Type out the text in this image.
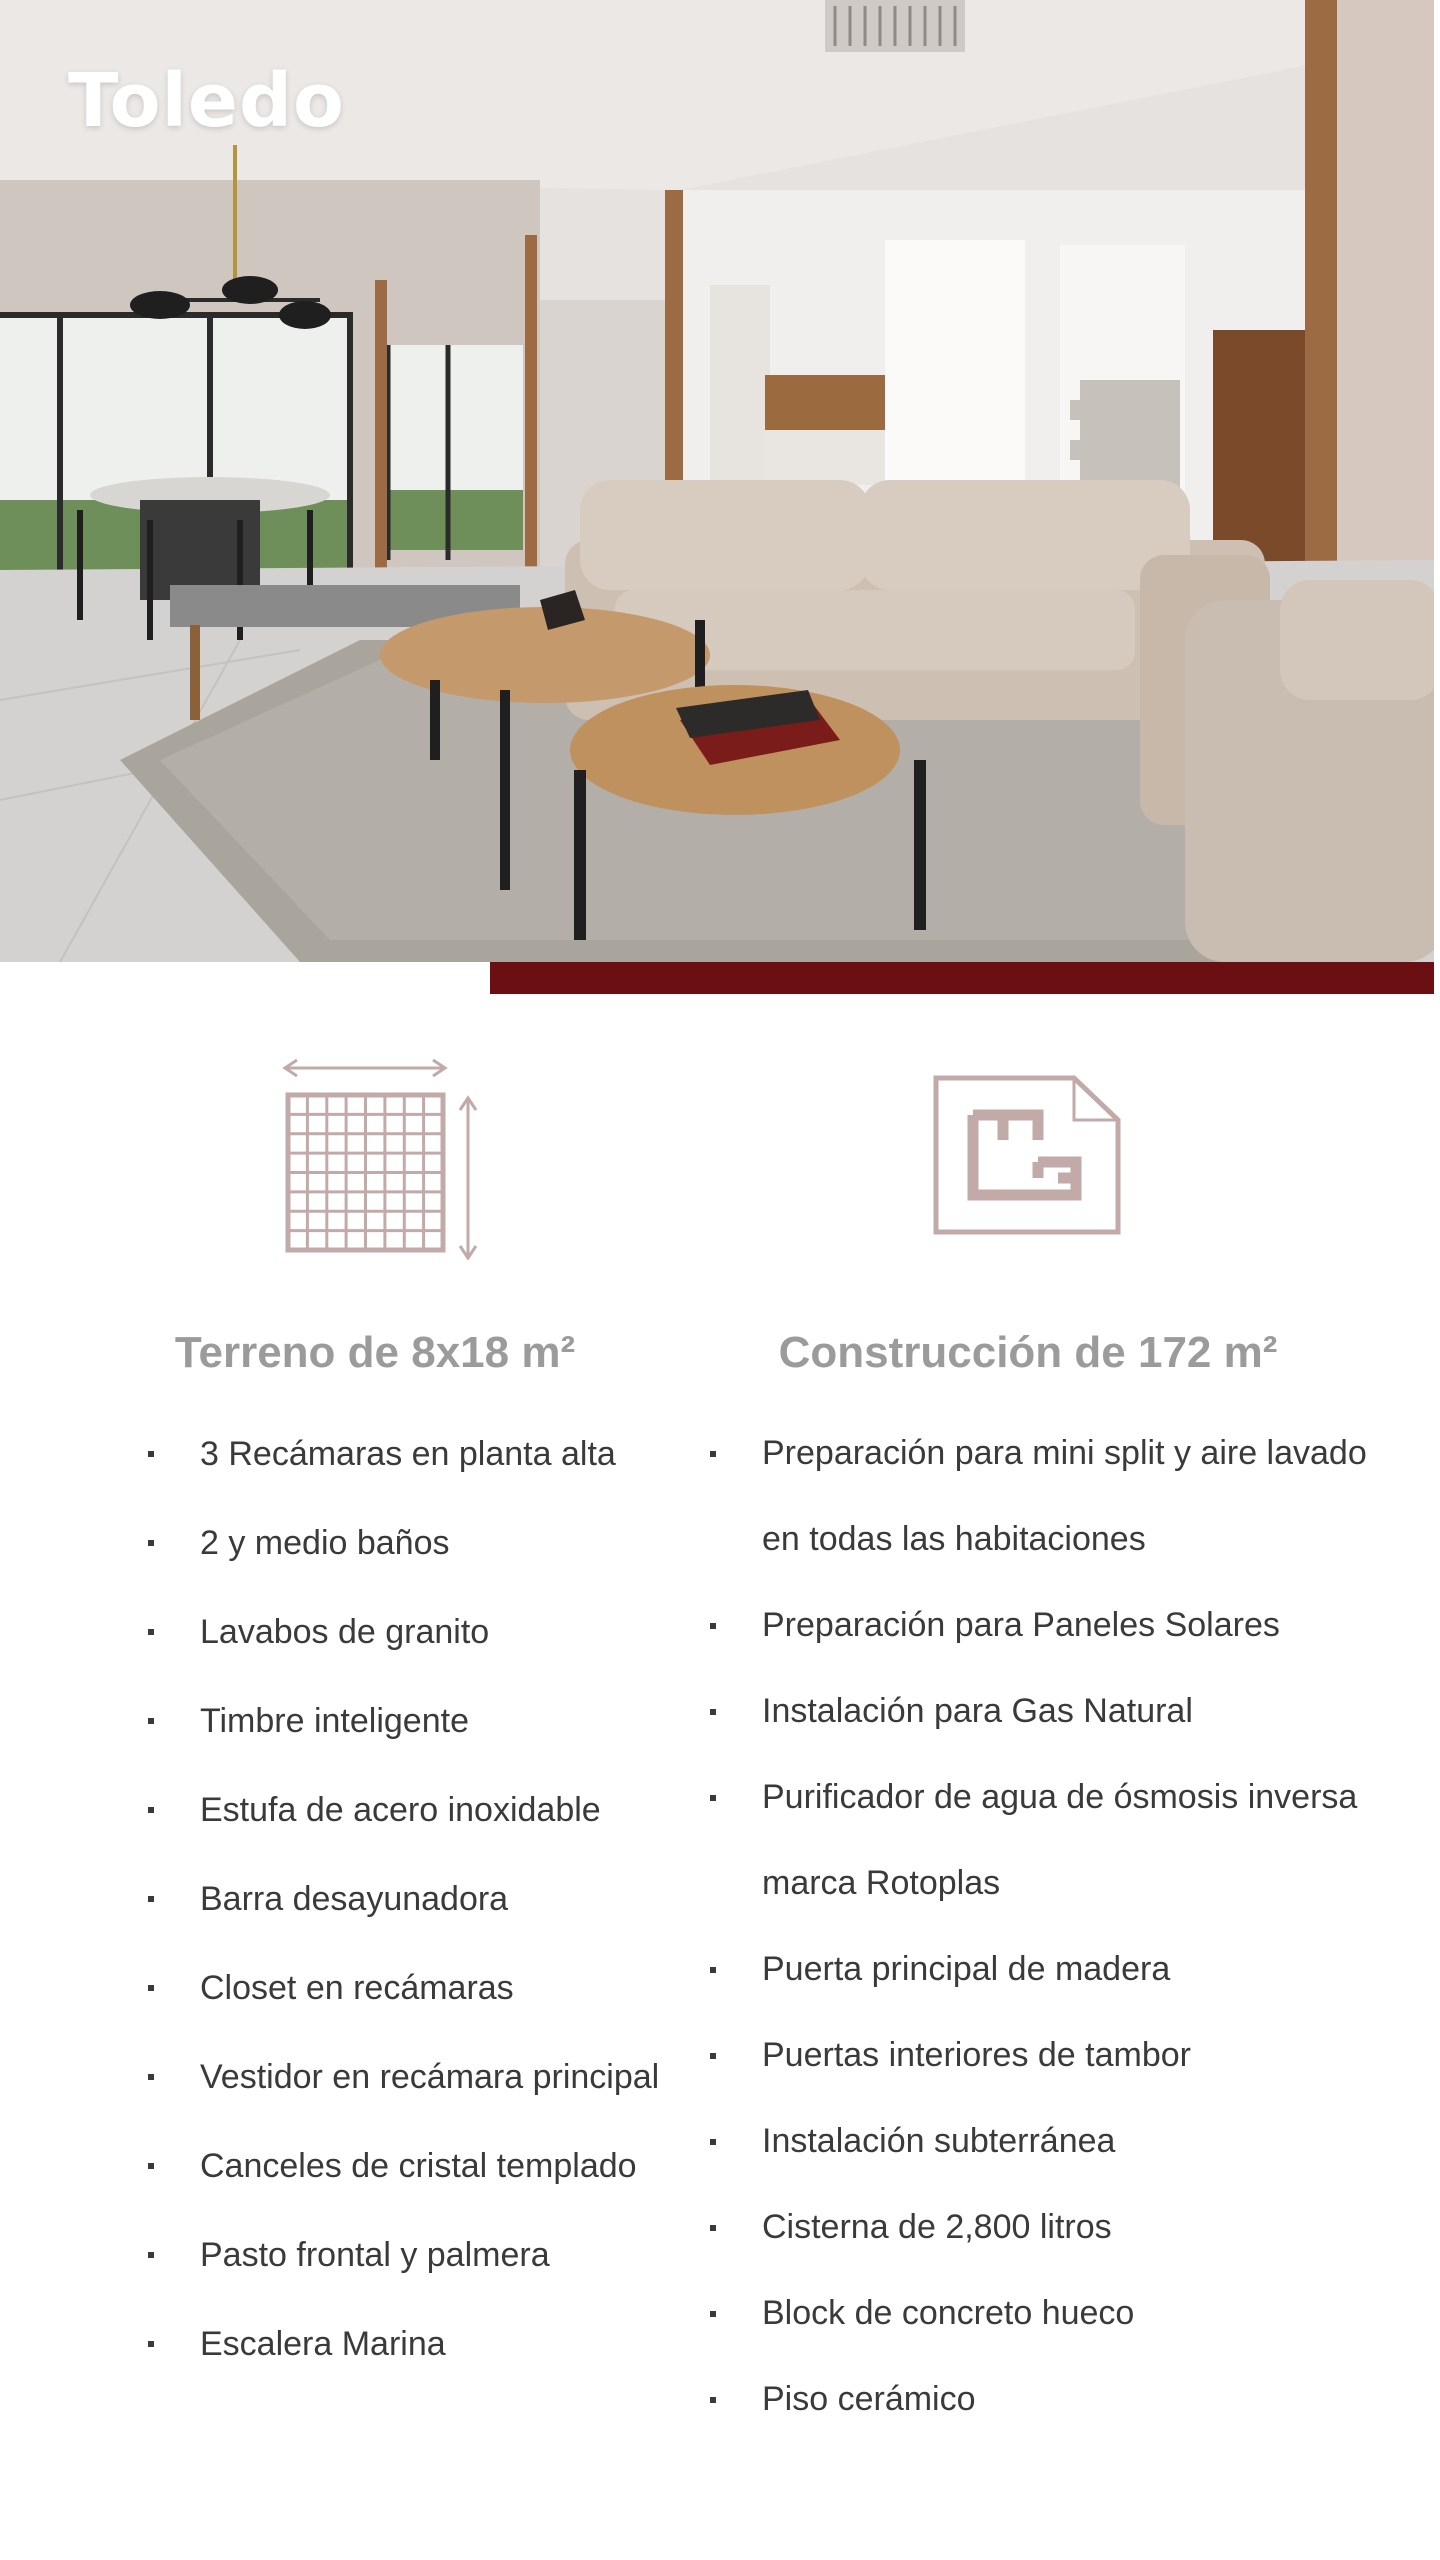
Toledo

Terreno de 8x18 m²	Construcción de 172 m²

3 Recámaras en planta alta
2 y medio baños
Lavabos de granito
Timbre inteligente
Estufa de acero inoxidable
Barra desayunadora
Closet en recámaras
Vestidor en recámara principal
Canceles de cristal templado
Pasto frontal y palmera
Escalera Marina
Preparación para mini split y aire lavado en todas las habitaciones
Preparación para Paneles Solares
Instalación para Gas Natural
Purificador de agua de ósmosis inversa marca Rotoplas
Puerta principal de madera
Puertas interiores de tambor
Instalación subterránea
Cisterna de 2,800 litros
Block de concreto hueco
Piso cerámico
